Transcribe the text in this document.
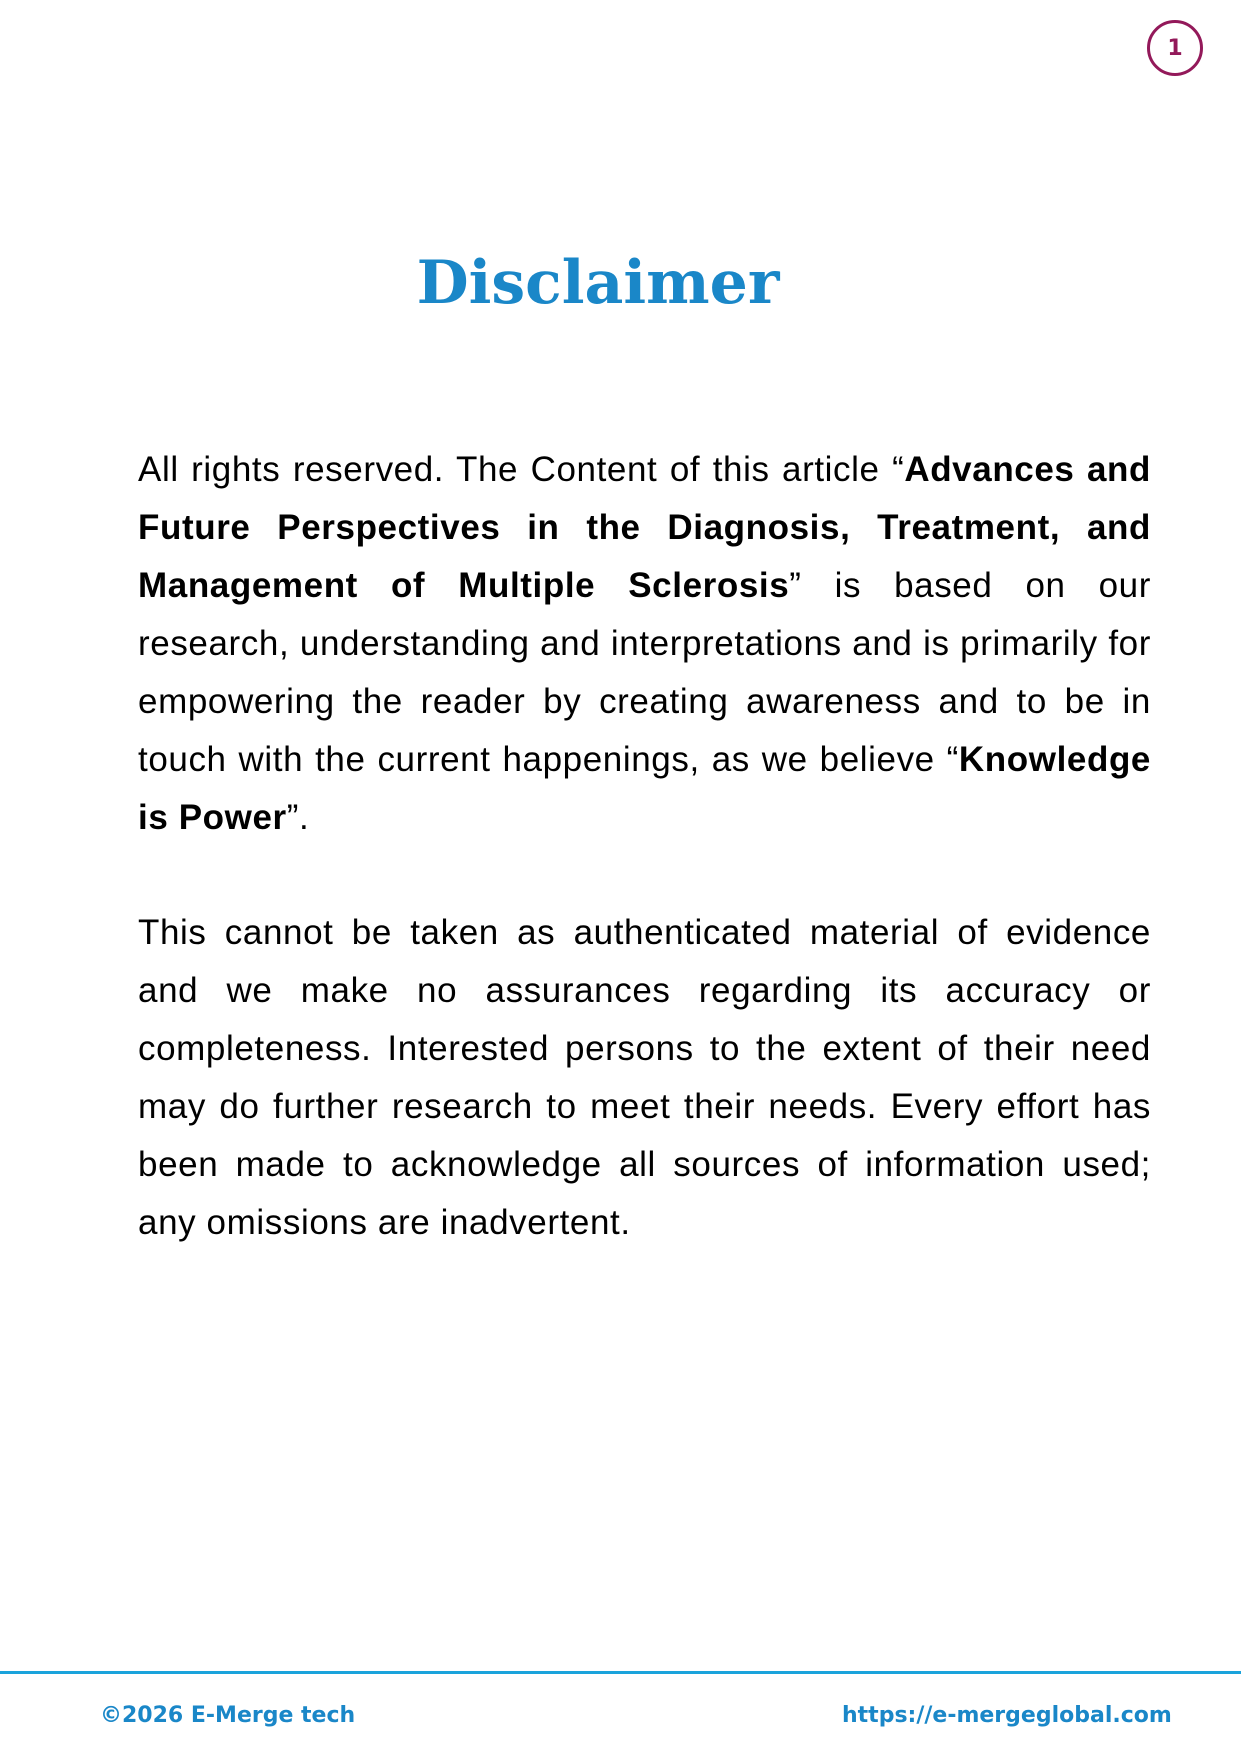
1
Disclaimer

All rights reserved. The Content of this article “Advances and Future Perspectives in the Diagnosis, Treatment, and Management of Multiple Sclerosis” is based on our research, understanding and interpretations and is primarily for empowering the reader by creating awareness and to be in touch with the current happenings, as we believe “Knowledge is Power”.

This cannot be taken as authenticated material of evidence and we make no assurances regarding its accuracy or completeness. Interested persons to the extent of their need may do further research to meet their needs. Every effort has been made to acknowledge all sources of information used; any omissions are inadvertent.

©2026 E-Merge tech	https://e-mergeglobal.com
